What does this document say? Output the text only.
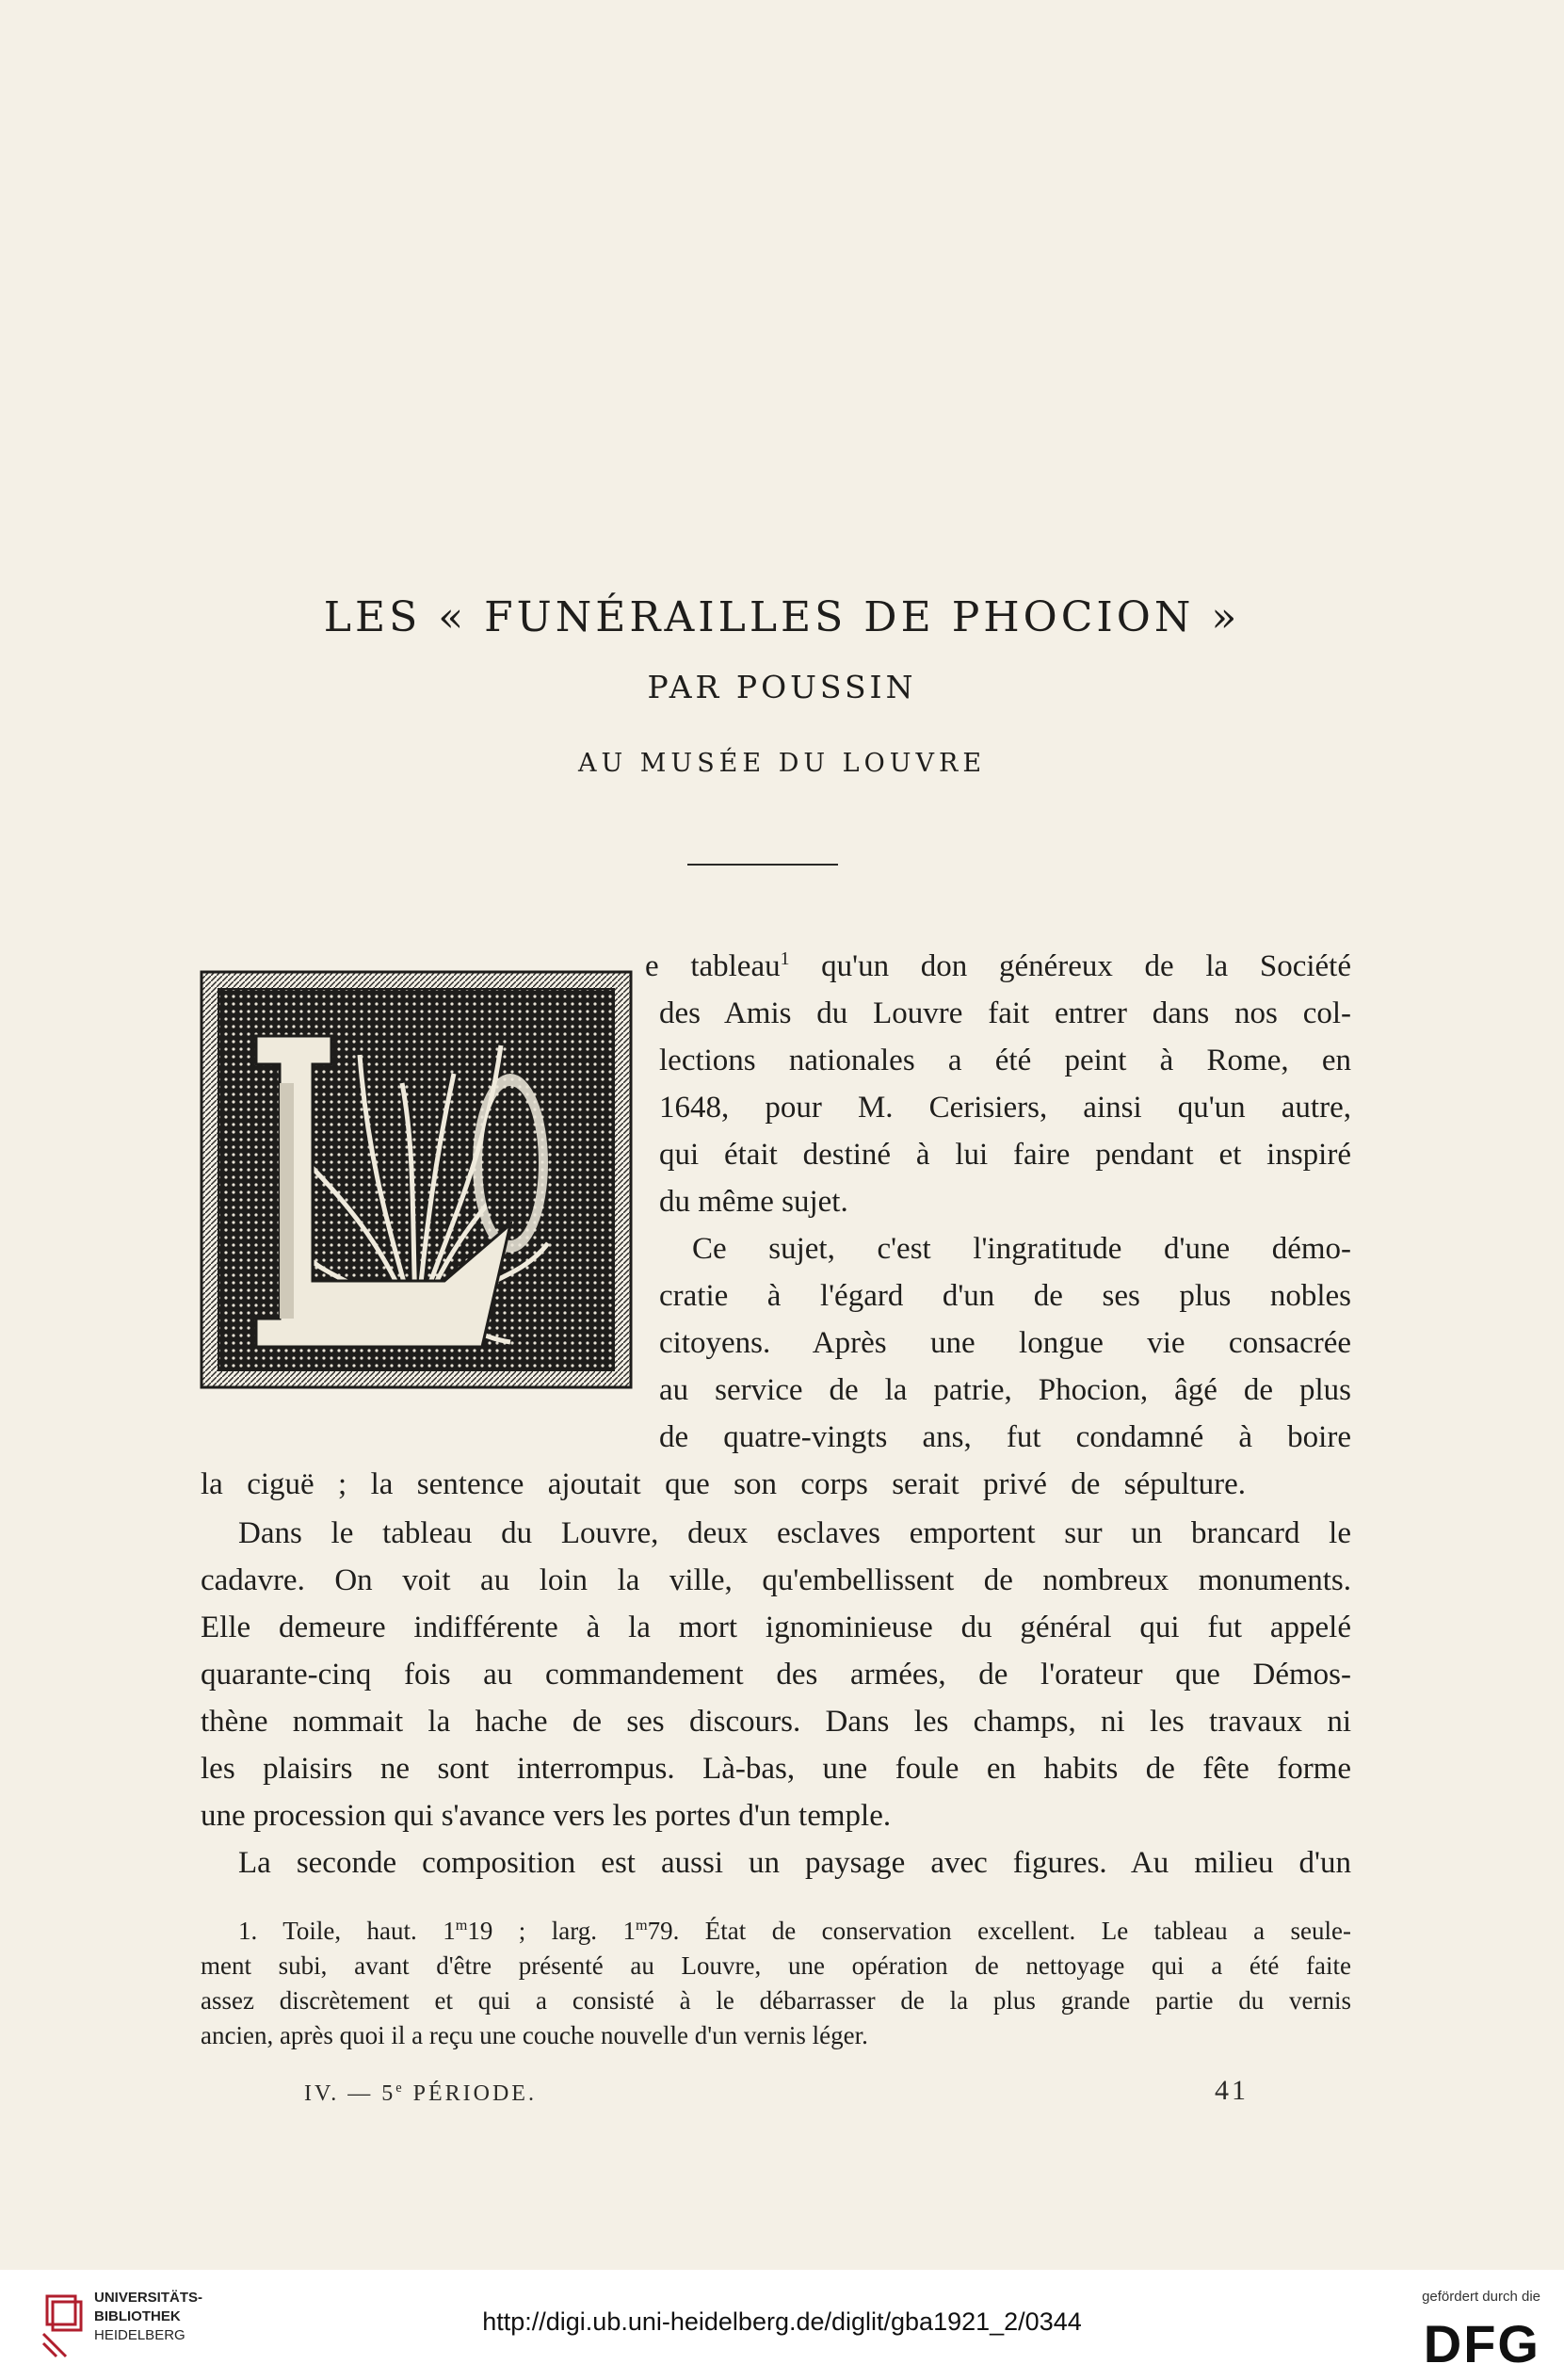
LES « FUNÉRAILLES DE PHOCION »
PAR POUSSIN
AU MUSÉE DU LOUVRE
e tableau$^1$ qu'un don généreux de la Société
des Amis du Louvre fait entrer dans nos col-
lections nationales a été peint à Rome, en
1648, pour M. Cerisiers, ainsi qu'un autre,
qui était destiné à lui faire pendant et inspiré
du même sujet.
Ce sujet, c'est l'ingratitude d'une démo-
cratie à l'égard d'un de ses plus nobles
citoyens. Après une longue vie consacrée
au service de la patrie, Phocion, âgé de plus
de quatre-vingts ans, fut condamné à boire
la ciguë ; la sentence ajoutait que son corps serait privé de sépulture.
Dans le tableau du Louvre, deux esclaves emportent sur un brancard le
cadavre. On voit au loin la ville, qu'embellissent de nombreux monuments.
Elle demeure indifférente à la mort ignominieuse du général qui fut appelé
quarante-cinq fois au commandement des armées, de l'orateur que Démos-
thène nommait la hache de ses discours. Dans les champs, ni les travaux ni
les plaisirs ne sont interrompus. Là-bas, une foule en habits de fête forme
une procession qui s'avance vers les portes d'un temple.
La seconde composition est aussi un paysage avec figures. Au milieu d'un
1. Toile, haut. 1$^m$19 ; larg. 1$^m$79. État de conservation excellent. Le tableau a seule-
ment subi, avant d'être présenté au Louvre, une opération de nettoyage qui a été faite
assez discrètement et qui a consisté à le débarrasser de la plus grande partie du vernis
ancien, après quoi il a reçu une couche nouvelle d'un vernis léger.
IV. — 5e PÉRIODE.	41
UNIVERSITÄTS-
BIBLIOTHEK
HEIDELBERG	http://digi.ub.uni-heidelberg.de/diglit/gba1921_2/0344
gefördert durch die
DFG
